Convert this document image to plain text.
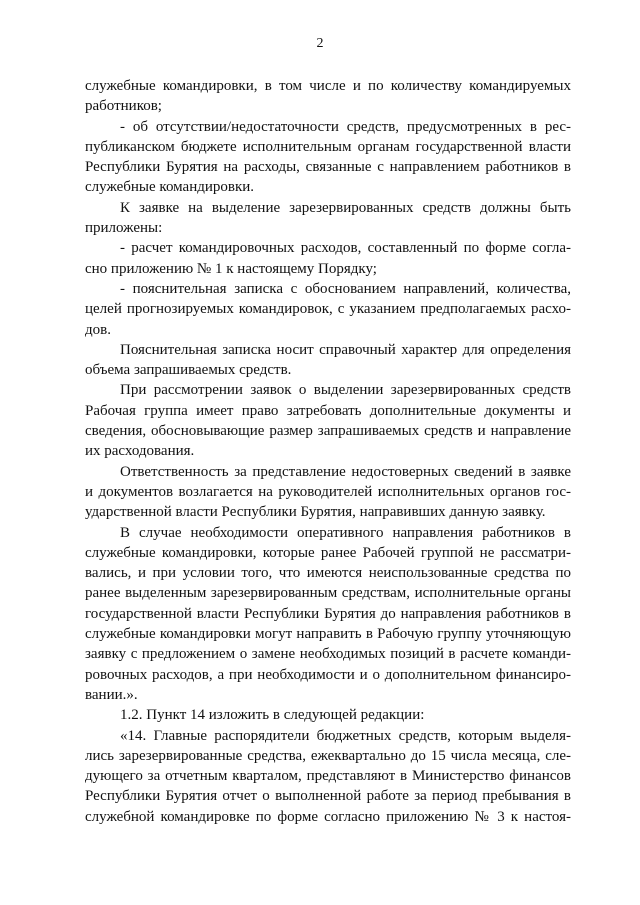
2
служебные командировки, в том числе и по количеству командируемых
работников;
- об отсутствии/недостаточности средств, предусмотренных в рес-
публиканском бюджете исполнительным органам государственной власти
Республики Бурятия на расходы, связанные с направлением работников в
служебные командировки.
К заявке на выделение зарезервированных средств должны быть
приложены:
- расчет командировочных расходов, составленный по форме согла-
сно приложению № 1 к настоящему Порядку;
- пояснительная записка с обоснованием направлений, количества,
целей прогнозируемых командировок, с указанием предполагаемых расхо-
дов.
Пояснительная записка носит справочный характер для определения
объема запрашиваемых средств.
При рассмотрении заявок о выделении зарезервированных средств
Рабочая группа имеет право затребовать дополнительные документы и
сведения, обосновывающие размер запрашиваемых средств и направление
их расходования.
Ответственность за представление недостоверных сведений в заявке
и документов возлагается на руководителей исполнительных органов гос-
ударственной власти Республики Бурятия, направивших данную заявку.
В случае необходимости оперативного направления работников в
служебные командировки, которые ранее Рабочей группой не рассматри-
вались, и при условии того, что имеются неиспользованные средства по
ранее выделенным зарезервированным средствам, исполнительные органы
государственной власти Республики Бурятия до направления работников в
служебные командировки могут направить в Рабочую группу уточняющую
заявку с предложением о замене необходимых позиций в расчете команди-
ровочных расходов, а при необходимости и о дополнительном финансиро-
вании.».
1.2. Пункт 14 изложить в следующей редакции:
«14. Главные распорядители бюджетных средств, которым выделя-
лись зарезервированные средства, ежеквартально до 15 числа месяца, сле-
дующего за отчетным кварталом, представляют в Министерство финансов
Республики Бурятия отчет о выполненной работе за период пребывания в
служебной командировке по форме согласно приложению № 3 к настоя-
